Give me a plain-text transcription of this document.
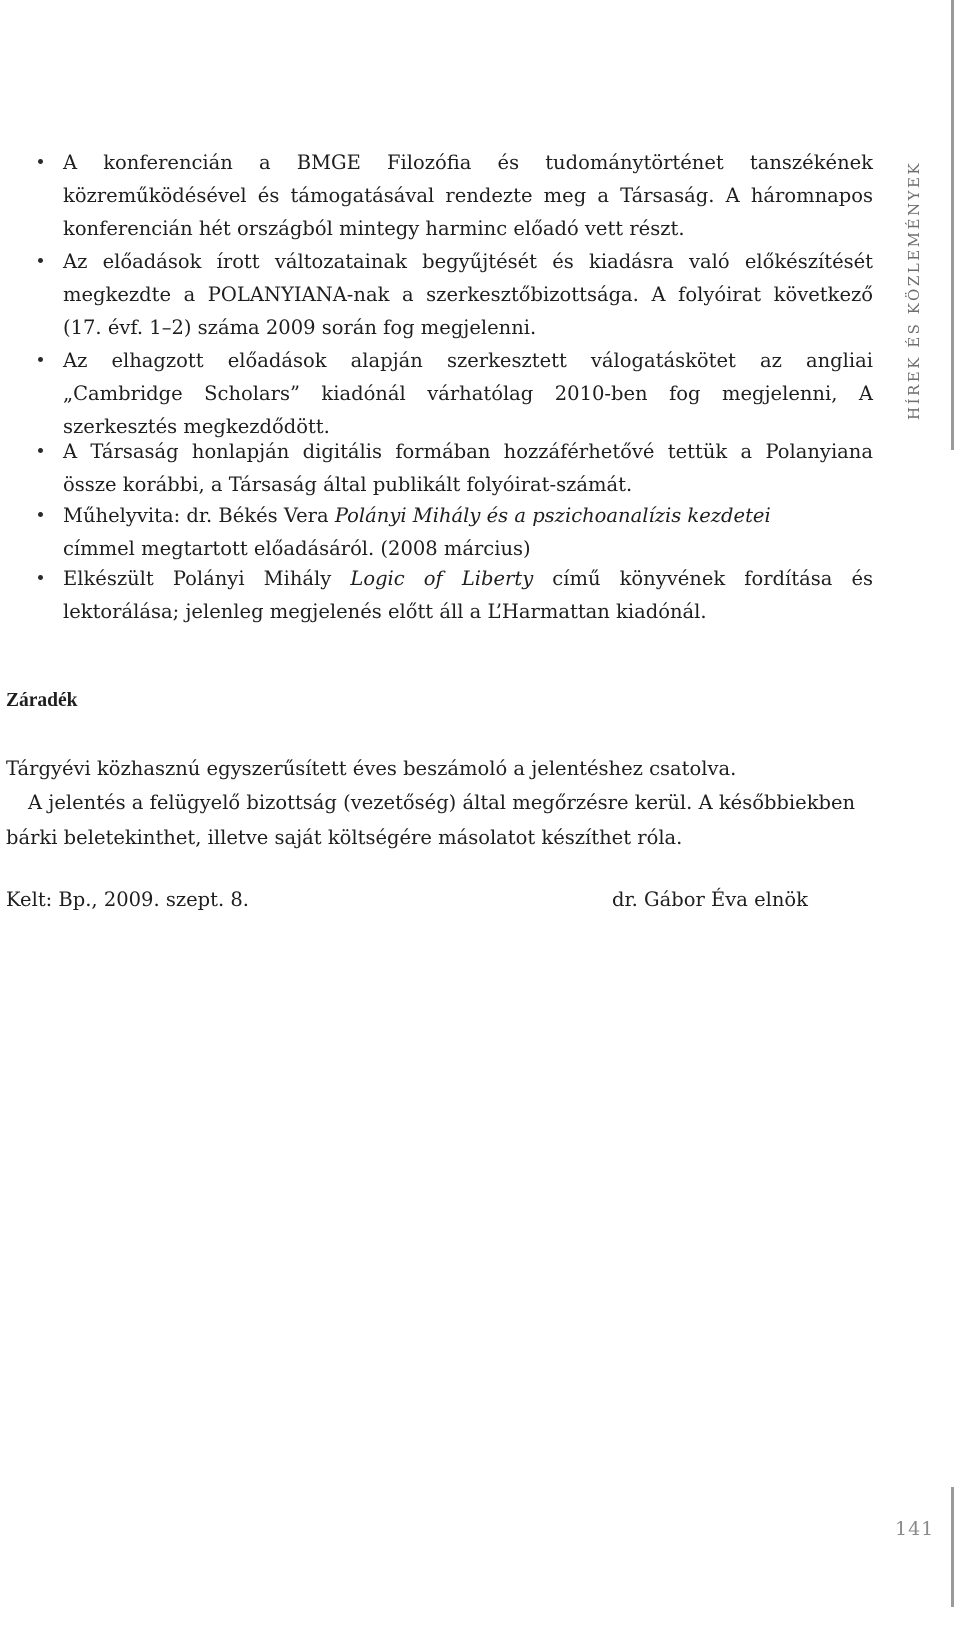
A konferencián a BMGE Filozófia és tudománytörténet tanszékének
közreműködésével és támogatásával rendezte meg a Társaság. A háromnapos
konferencián hét országból mintegy harminc előadó vett részt.
Az előadások írott változatainak begyűjtését és kiadásra való előkészítését
megkezdte a POLANYIANA-nak a szerkesztőbizottsága. A folyóirat következő
(17. évf. 1–2) száma 2009 során fog megjelenni.
Az elhagzott előadások alapján szerkesztett válogatáskötet az angliai
„Cambridge Scholars” kiadónál várhatólag 2010-ben fog megjelenni, A
szerkesztés megkezdődött.
A Társaság honlapján digitális formában hozzáférhetővé tettük a Polanyiana
össze korábbi, a Társaság által publikált folyóirat-számát.
Műhelyvita: dr. Békés Vera Polányi Mihály és a pszichoanalízis kezdetei
címmel megtartott előadásáról. (2008 március)
Elkészült Polányi Mihály Logic of Liberty című könyvének fordítása és
lektorálása; jelenleg megjelenés előtt áll a L’Harmattan kiadónál.
HÍREK ÉS KÖZLEMÉNYEK
Záradék
Tárgyévi közhasznú egyszerűsített éves beszámoló a jelentéshez csatolva.
A jelentés a felügyelő bizottság (vezetőség) által megőrzésre kerül. A későbbiekben
bárki beletekinthet, illetve saját költségére másolatot készíthet róla.
Kelt: Bp., 2009. szept. 8.	dr. Gábor Éva elnök
141
